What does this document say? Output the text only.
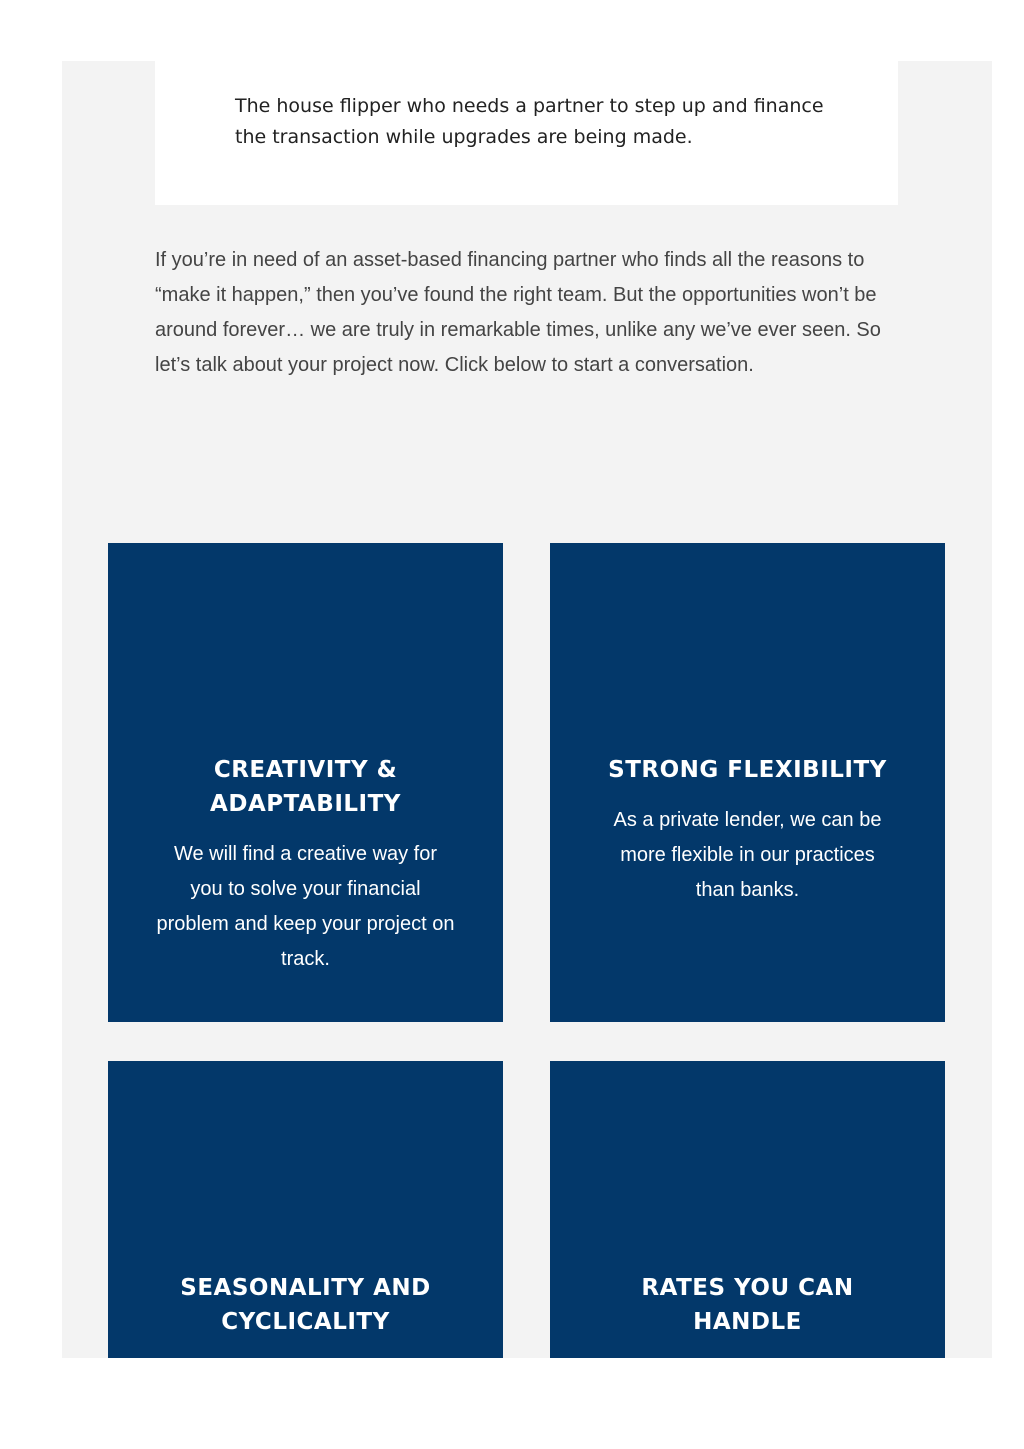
The house flipper who needs a partner to step up and finance the transaction while upgrades are being made.

If you’re in need of an asset-based financing partner who finds all the reasons to “make it happen,” then you’ve found the right team. But the opportunities won’t be around forever… we are truly in remarkable times, unlike any we’ve ever seen. So let’s talk about your project now. Click below to start a conversation.

CREATIVITY & ADAPTABILITY

We will find a creative way for you to solve your financial problem and keep your project on track.

STRONG FLEXIBILITY

As a private lender, we can be more flexible in our practices than banks.

SEASONALITY AND CYCLICALITY
RATES YOU CAN HANDLE
